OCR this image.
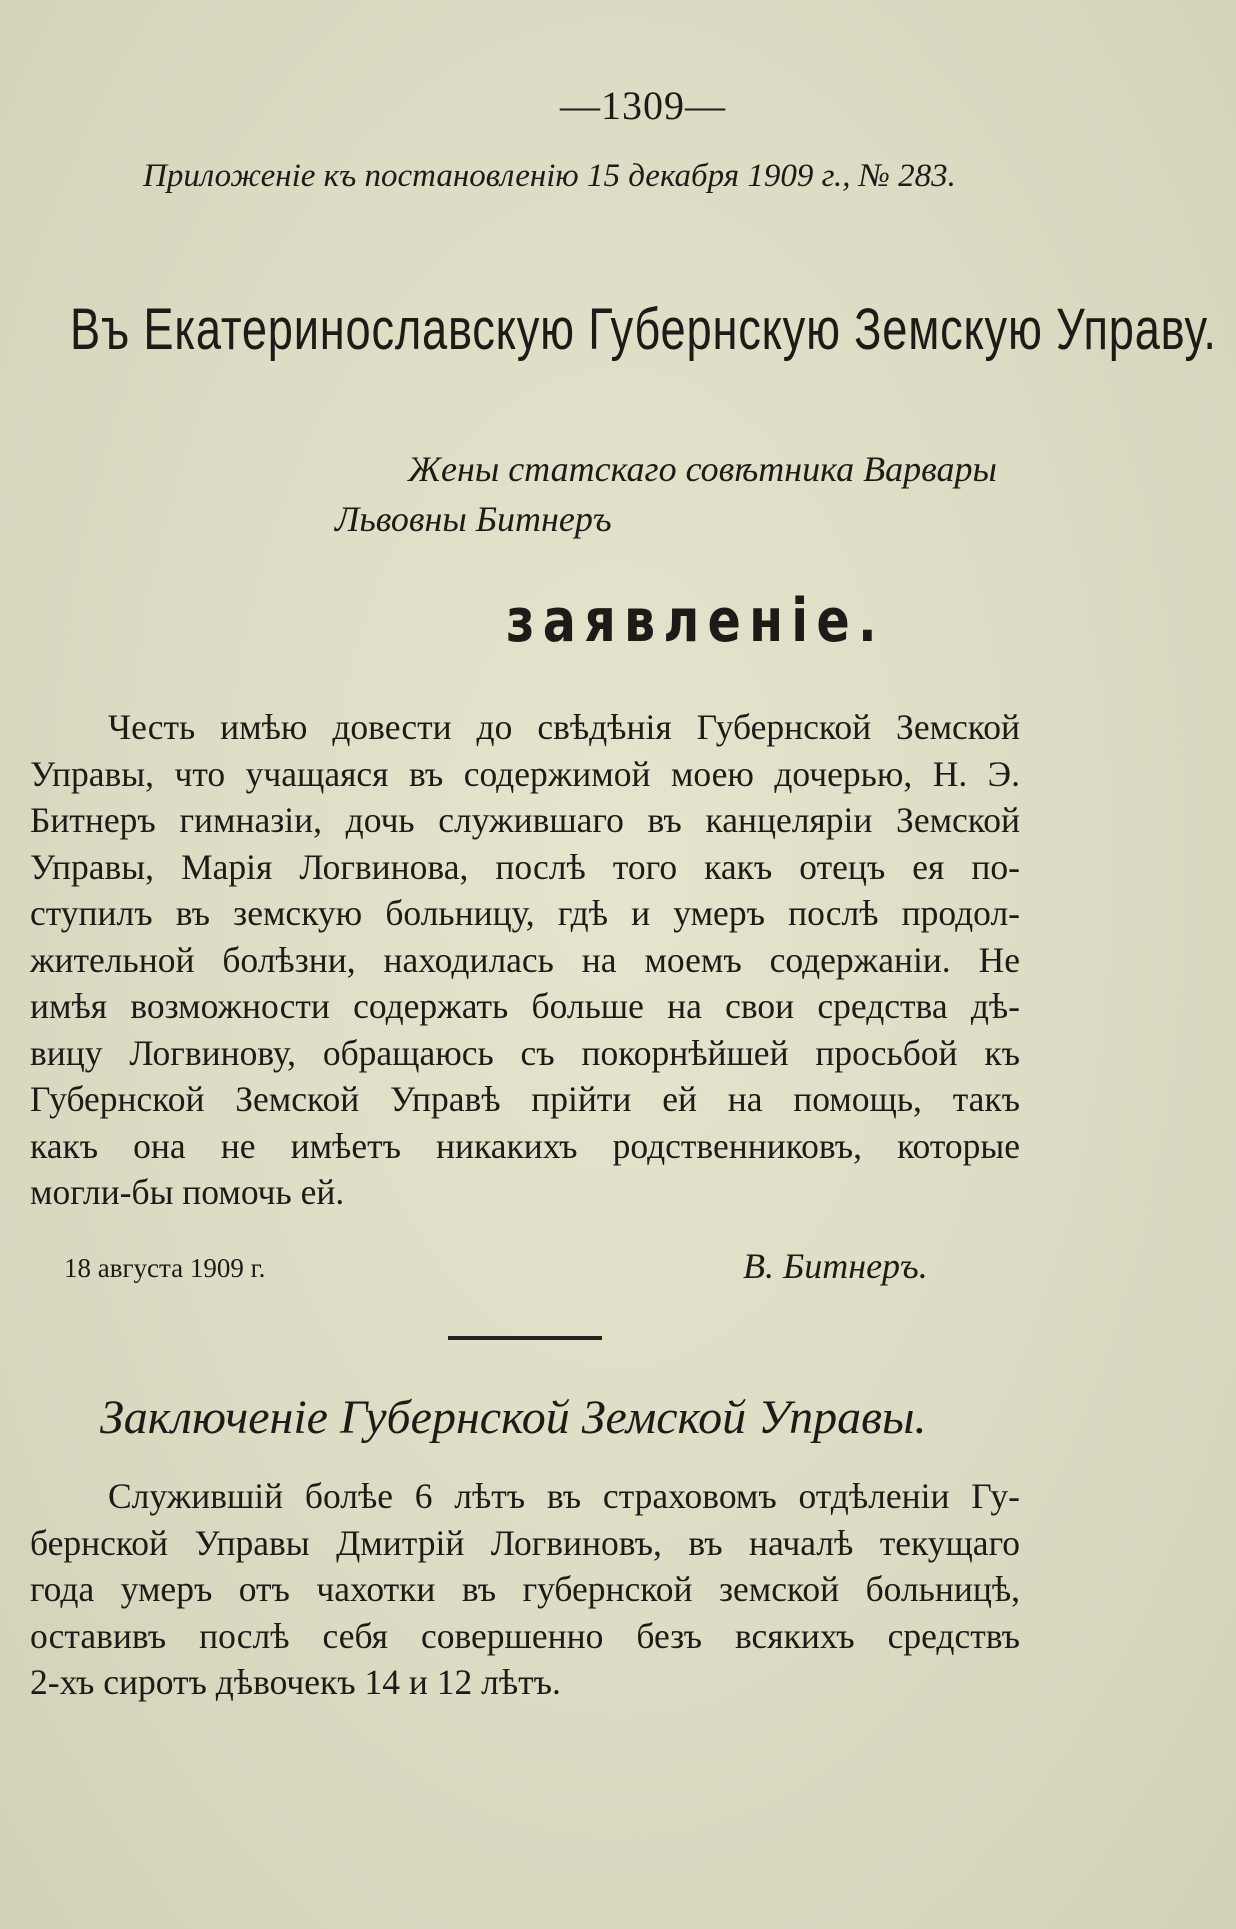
—1309—
Приложеніе къ постановленію 15 декабря 1909 г., № 283.
Въ Екатеринославскую Губернскую Земскую Управу.
Жены статскаго совѣтника Варвары
Львовны Битнеръ
заявленіе.
Честь имѣю довести до свѣдѣнія Губернской Земской
Управы, что учащаяся въ содержимой моею дочерью, Н. Э.
Битнеръ гимназіи, дочь служившаго въ канцеляріи Земской
Управы, Марія Логвинова, послѣ того какъ отецъ ея по-
ступилъ въ земскую больницу, гдѣ и умеръ послѣ продол-
жительной болѣзни, находилась на моемъ содержаніи. Не
имѣя возможности содержать больше на свои средства дѣ-
вицу Логвинову, обращаюсь съ покорнѣйшей просьбой къ
Губернской Земской Управѣ прійти ей на помощь, такъ
какъ она не имѣетъ никакихъ родственниковъ, которые
могли-бы помочь ей.
18 августа 1909 г.	В. Битнеръ.
Заключеніе Губернской Земской Управы.
Служившій болѣе 6 лѣтъ въ страховомъ отдѣленіи Гу-
бернской Управы Дмитрій Логвиновъ, въ началѣ текущаго
года умеръ отъ чахотки въ губернской земской больницѣ,
оставивъ послѣ себя совершенно безъ всякихъ средствъ
2-хъ сиротъ дѣвочекъ 14 и 12 лѣтъ.
